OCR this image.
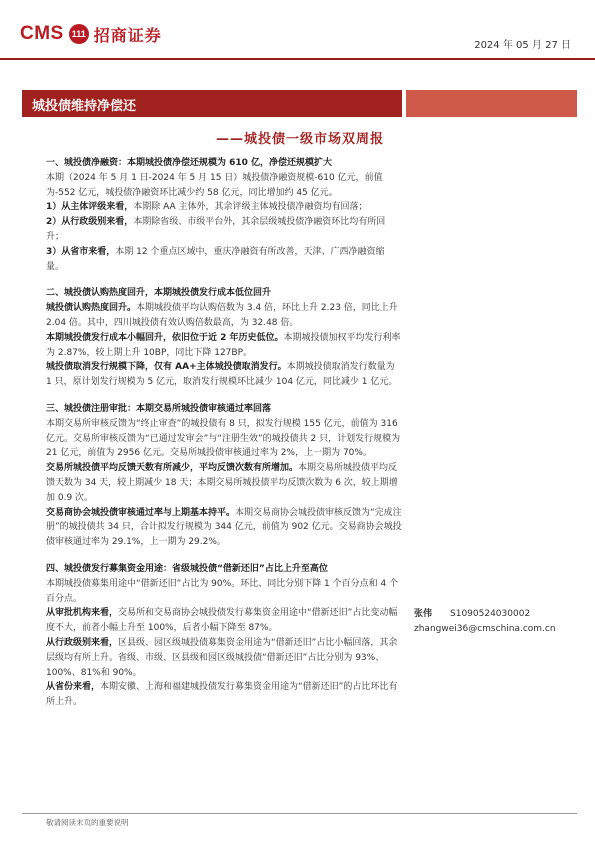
CMS 111 招商证券
2024 年 05 月 27 日
城投债维持净偿还
——城投债一级市场双周报

一、城投债净融资：本期城投债净偿还规模为 610 亿，净偿还规模扩大

本期（2024 年 5 月 1 日-2024 年 5 月 15 日）城投债净融资规模-610 亿元，前值为-552 亿元，城投债净融资环比减少约 58 亿元，同比增加约 45 亿元。

1）从主体评级来看，本期除 AA 主体外，其余评级主体城投债净融资均有回落；

2）从行政级别来看，本期除省级、市级平台外，其余层级城投债净融资环比均有所回升；

3）从省市来看，本期 12 个重点区域中，重庆净融资有所改善，天津、广西净融资缩量。

二、城投债认购热度回升，本期城投债发行成本低位回升

城投债认购热度回升。本期城投债平均认购倍数为 3.4 倍，环比上升 2.23 倍，同比上升 2.04 倍。其中，四川城投债有效认购倍数最高，为 32.48 倍。

本期城投债发行成本小幅回升，依旧位于近 2 年历史低位。本期城投债加权平均发行利率为 2.87%，较上期上升 10BP，同比下降 127BP。

城投债取消发行规模下降，仅有 AA+主体城投债取消发行。本期城投债取消发行数量为 1 只，原计划发行规模为 5 亿元，取消发行规模环比减少 104 亿元，同比减少 1 亿元。

三、城投债注册审批：本期交易所城投债审核通过率回落

本期交易所审核反馈为“终止审查”的城投债有 8 只，拟发行规模 155 亿元，前值为 316 亿元。交易所审核反馈为“已通过发审会”与“注册生效”的城投债共 2 只，计划发行规模为 21 亿元，前值为 2956 亿元。交易所城投债审核通过率为 2%，上一期为 70%。

交易所城投债平均反馈天数有所减少，平均反馈次数有所增加。本期交易所城投债平均反馈天数为 34 天，较上期减少 18 天；本期交易所城投债平均反馈次数为 6 次，较上期增加 0.9 次。

交易商协会城投债审核通过率与上期基本持平。本期交易商协会城投债审核反馈为“完成注册”的城投债共 34 只，合计拟发行规模为 344 亿元，前值为 902 亿元。交易商协会城投债审核通过率为 29.1%，上一期为 29.2%。

四、城投债发行募集资金用途：省级城投债“借新还旧”占比上升至高位

本期城投债募集用途中“借新还旧”占比为 90%。环比、同比分别下降 1 个百分点和 4 个百分点。

从审批机构来看，交易所和交易商协会城投债发行募集资金用途中“借新还旧”占比变动幅度不大，前者小幅上升至 100%，后者小幅下降至 87%。

从行政级别来看，区县级、园区级城投债募集资金用途为“借新还旧”占比小幅回落，其余层级均有所上升。省级、市级、区县级和园区级城投债“借新还旧”占比分别为 93%、100%、81%和 90%。

从省份来看，本期安徽、上海和福建城投债发行募集资金用途为“借新还旧”的占比环比有所上升。

张伟 S1090524030002
zhangwei36@cmschina.com.cn
敬请阅读末页的重要说明
